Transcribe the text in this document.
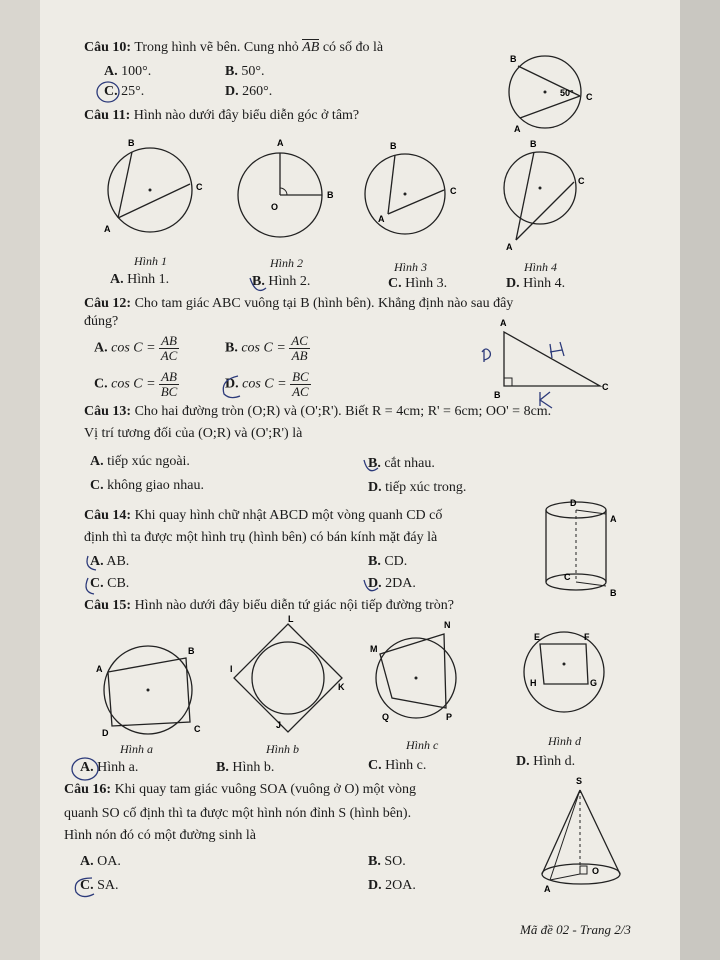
Câu 10: Trong hình vẽ bên. Cung nhỏ AB có số đo là
A. 100°.	B. 50°.
C. 25°.	D. 260°.
B
A
C
50°
Câu 11: Hình nào dưới đây biểu diễn góc ở tâm?
B
A
C
A
O
B
B
A
C
B
A
C
Hình 1	Hình 2	Hình 3	Hình 4
A. Hình 1.	B. Hình 2.	C. Hình 3.	D. Hình 4.
Câu 12: Cho tam giác ABC vuông tại B (hình bên). Khẳng định nào sau đây
đúng?
A. $\cos C = \frac{AB}{AC}$	B. $\cos C = \frac{AC}{AB}$
C. $\cos C = \frac{AB}{BC}$	D. $\cos C = \frac{BC}{AC}$
A
B
C
Câu 13: Cho hai đường tròn (O;R) và (O';R'). Biết R = 4cm; R' = 6cm; OO' = 8cm.
Vị trí tương đối của (O;R) và (O';R') là
A. tiếp xúc ngoài.	B. cắt nhau.
C. không giao nhau.	D. tiếp xúc trong.
Câu 14: Khi quay hình chữ nhật ABCD một vòng quanh CD cố
định thì ta được một hình trụ (hình bên) có bán kính mặt đáy là
A. AB.	B. CD.
C. CB.	D. 2DA.
D
A
C
B
Câu 15: Hình nào dưới đây biểu diễn tứ giác nội tiếp đường tròn?
A
B
C
D
L
I
K
J
M
N
P
Q
E	F
G
H
Hình a	Hình b	Hình c	Hình d
A. Hình a.	B. Hình b.	C. Hình c.	D. Hình d.
Câu 16: Khi quay tam giác vuông SOA (vuông ở O) một vòng
quanh SO cố định thì ta được một hình nón đỉnh S (hình bên).
Hình nón đó có một đường sinh là
A. OA.	B. SO.
C. SA.	D. 2OA.
S
O
A
Mã đề 02 - Trang 2/3
